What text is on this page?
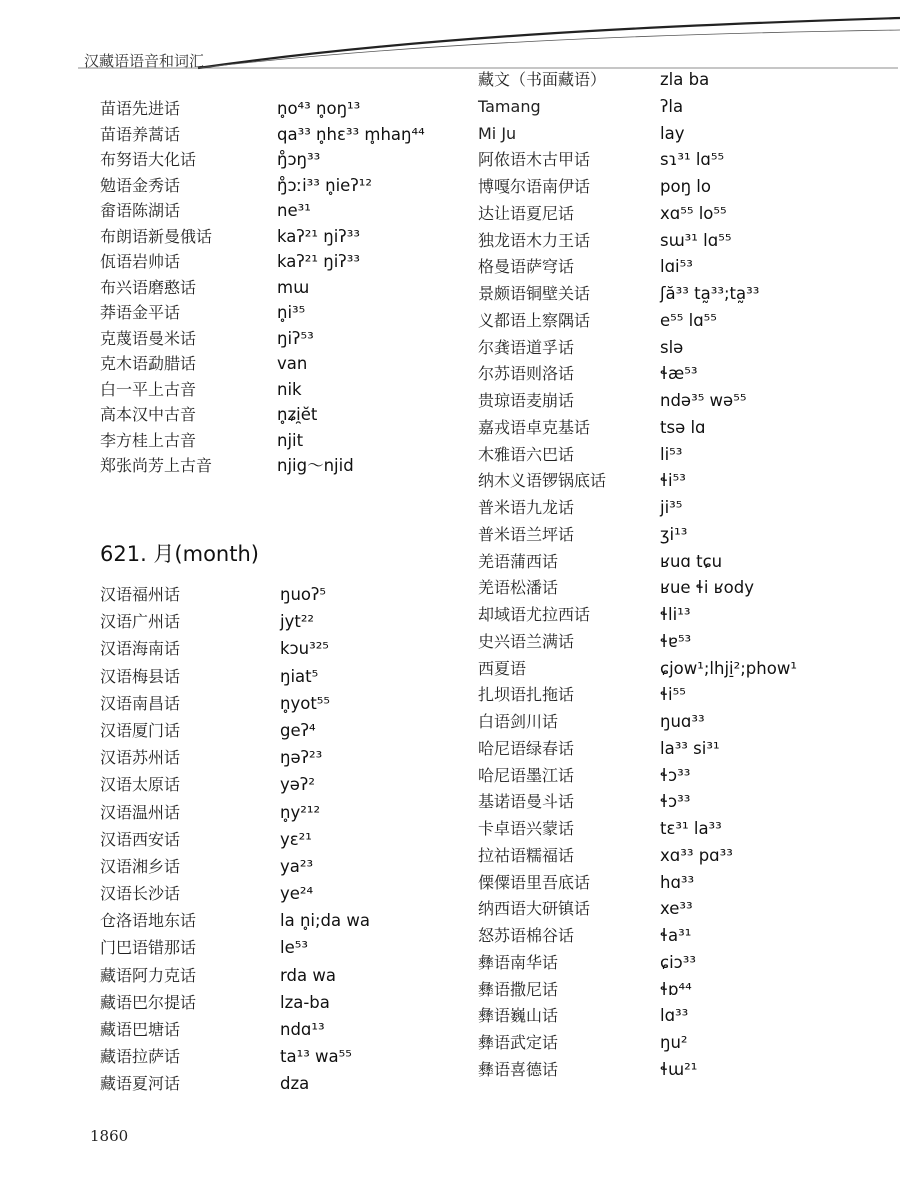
汉藏语语音和词汇
苗语先进话	n̥o⁴³ n̥oŋ¹³
苗语养蒿话	qa³³ n̥hɛ³³ m̥haŋ⁴⁴
布努语大化话	ŋ̊ɔŋ³³
勉语金秀话	ŋ̊ɔːi³³ n̥ieʔ¹²
畲语陈湖话	ne³¹
布朗语新曼俄话	kaʔ²¹ ŋiʔ³³
佤语岩帅话	kaʔ²¹ ŋiʔ³³
布兴语磨憨话	mɯ
莽语金平话	n̥i³⁵
克蔑语曼米话	ŋiʔ⁵³
克木语勐腊话	van
白一平上古音	nik
高本汉中古音	n̥ʑi̯ĕt
李方桂上古音	njit
郑张尚芳上古音	njig～njid
621. 月(month)
汉语福州话	ŋuoʔ⁵
汉语广州话	jyt²²
汉语海南话	kɔu³²⁵
汉语梅县话	ŋiat⁵
汉语南昌话	n̥yot⁵⁵
汉语厦门话	geʔ⁴
汉语苏州话	ŋəʔ²³
汉语太原话	yəʔ²
汉语温州话	n̥y²¹²
汉语西安话	yɛ²¹
汉语湘乡话	ya²³
汉语长沙话	ye²⁴
仓洛语地东话	la n̥i;da wa
门巴语错那话	le⁵³
藏语阿力克话	rda wa
藏语巴尔提话	lza-ba
藏语巴塘话	ndɑ¹³
藏语拉萨话	ta¹³ wa⁵⁵
藏语夏河话	dza
藏文（书面藏语）	zla ba
Tamang	ʔla
Mi Ju	lay
阿侬语木古甲话	sɿ³¹ lɑ⁵⁵
博嘎尔语南伊话	poŋ lo
达让语夏尼话	xɑ⁵⁵ lo⁵⁵
独龙语木力王话	sɯ³¹ lɑ⁵⁵
格曼语萨穹话	lɑi⁵³
景颇语铜壁关话	ʃă³³ ta̰³³;ta̰³³
义都语上察隅话	e⁵⁵ lɑ⁵⁵
尔龚语道孚话	slə
尔苏语则洛话	ɬæ⁵³
贵琼语麦崩话	ndə³⁵ wə⁵⁵
嘉戎语卓克基话	tsə lɑ
木雅语六巴话	li⁵³
纳木义语锣锅底话	ɬi⁵³
普米语九龙话	ji³⁵
普米语兰坪话	ʒi¹³
羌语蒲西话	ʁuɑ tɕu
羌语松潘话	ʁue ɬi ʁody
却域语尤拉西话	ɬli¹³
史兴语兰满话	ɬɐ⁵³
西夏语	ɕjow¹;lhji̠²;phow¹
扎坝语扎拖话	ɬi⁵⁵
白语剑川话	ŋuɑ³³
哈尼语绿春话	la³³ si³¹
哈尼语墨江话	ɬɔ³³
基诺语曼斗话	ɬɔ³³
卡卓语兴蒙话	tɛ³¹ la³³
拉祜语糯福话	xɑ³³ pɑ³³
傈僳语里吾底话	hɑ³³
纳西语大研镇话	xe³³
怒苏语棉谷话	ɬa³¹
彝语南华话	ɕiɔ³³
彝语撒尼话	ɬɒ⁴⁴
彝语巍山话	lɑ³³
彝语武定话	ŋu²
彝语喜德话	ɬɯ²¹
1860
